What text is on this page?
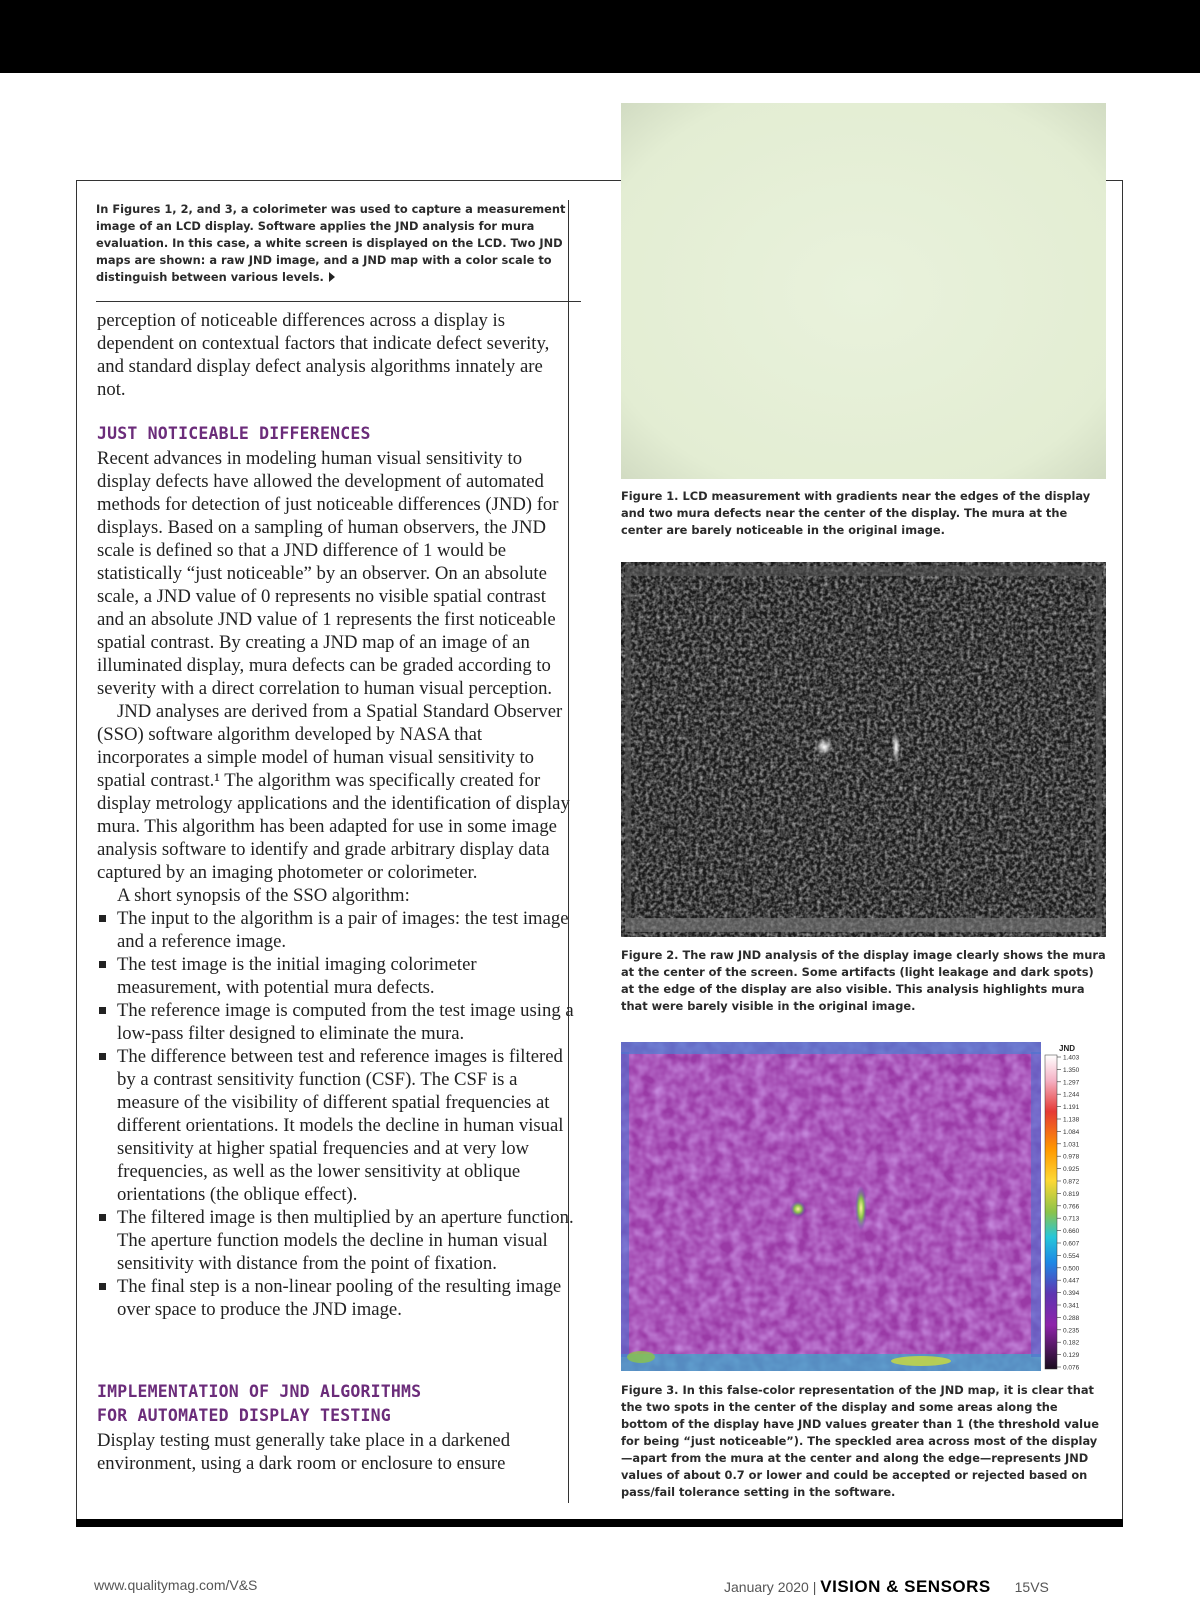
In Figures 1, 2, and 3, a colorimeter was used to capture a measurement image of an LCD display. Software applies the JND analysis for mura evaluation. In this case, a white screen is displayed on the LCD. Two JND maps are shown: a raw JND image, and a JND map with a color scale to distinguish between various levels.

perception of noticeable differences across a display is dependent on contextual factors that indicate defect severity, and standard display defect analysis algorithms innately are not.

JUST NOTICEABLE DIFFERENCES

Recent advances in modeling human visual sensitivity to display defects have allowed the development of automated methods for detection of just noticeable differences (JND) for displays. Based on a sampling of human observers, the JND scale is defined so that a JND difference of 1 would be statistically “just noticeable” by an observer. On an absolute scale, a JND value of 0 represents no visible spatial contrast and an absolute JND value of 1 represents the first noticeable spatial contrast. By creating a JND map of an image of an illuminated display, mura defects can be graded according to severity with a direct correlation to human visual perception.

JND analyses are derived from a Spatial Standard Observer (SSO) software algorithm developed by NASA that incorporates a simple model of human visual sensitivity to spatial contrast.¹ The algorithm was specifically created for display metrology applications and the identification of display mura. This algorithm has been adapted for use in some image analysis software to identify and grade arbitrary display data captured by an imaging photometer or colorimeter.

A short synopsis of the SSO algorithm:

The input to the algorithm is a pair of images: the test image and a reference image.
The test image is the initial imaging colorimeter measurement, with potential mura defects.
The reference image is computed from the test image using a low-pass filter designed to eliminate the mura.
The difference between test and reference images is filtered by a contrast sensitivity function (CSF). The CSF is a measure of the visibility of different spatial frequencies at different orientations. It models the decline in human visual sensitivity at higher spatial frequencies and at very low frequencies, as well as the lower sensitivity at oblique orientations (the oblique effect).
The filtered image is then multiplied by an aperture function. The aperture function models the decline in human visual sensitivity with distance from the point of fixation.
The final step is a non-linear pooling of the resulting image over space to produce the JND image.
IMPLEMENTATION OF JND ALGORITHMS
FOR AUTOMATED DISPLAY TESTING

Display testing must generally take place in a darkened environment, using a dark room or enclosure to ensure

Figure 1. LCD measurement with gradients near the edges of the display and two mura defects near the center of the display. The mura at the center are barely noticeable in the original image.
Figure 2. The raw JND analysis of the display image clearly shows the mura at the center of the screen. Some artifacts (light leakage and dark spots) at the edge of the display are also visible. This analysis highlights mura that were barely visible in the original image.
JND
1.403
1.350
1.297
1.244
1.191
1.138
1.084
1.031
0.978
0.925
0.872
0.819
0.766
0.713
0.660
0.607
0.554
0.500
0.447
0.394
0.341
0.288
0.235
0.182
0.129
0.076
Figure 3. In this false-color representation of the JND map, it is clear that the two spots in the center of the display and some areas along the bottom of the display have JND values greater than 1 (the threshold value for being “just noticeable”). The speckled area across most of the display—apart from the mura at the center and along the edge—represents JND values of about 0.7 or lower and could be accepted or rejected based on pass/fail tolerance setting in the software.
www.qualitymag.com/V&S	January 2020 | VISION & SENSORS 15VS
